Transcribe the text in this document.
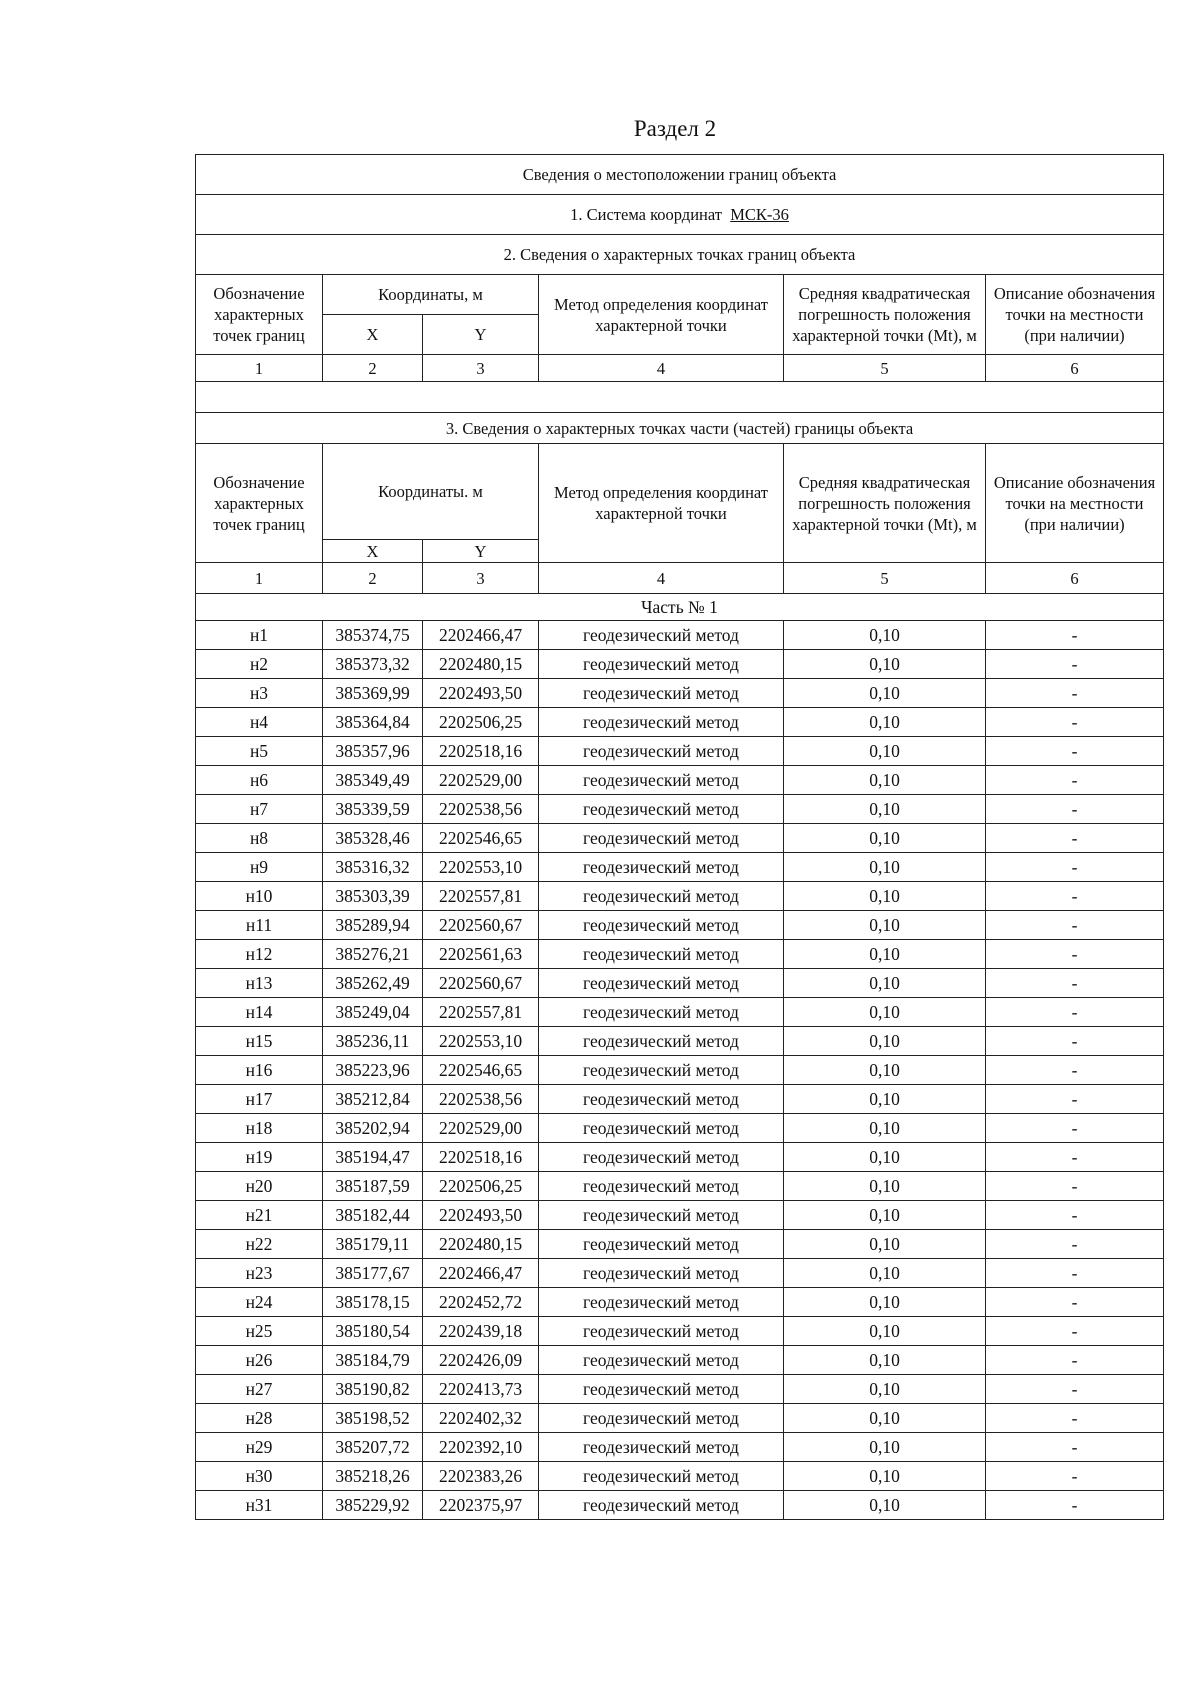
Раздел 2
Сведения о местоположении границ объекта					
1. Система координат МСК-36					
2. Сведения о характерных точках границ объекта					
Обозначение характерных точек границ	Координаты, м		Метод определения координат характерной точки	Средняя квадратическая погрешность положения характерной точки (Mt), м	Описание обозначения точки на местности (при наличии)
	X	Y			
1	2	3	4	5	6

3. Сведения о характерных точках части (частей) границы объекта					
Обозначение характерных точек границ	Координаты. м		Метод определения координат характерной точки	Средняя квадратическая погрешность положения характерной точки (Mt), м	Описание обозначения точки на местности (при наличии)
	X	Y			
1	2	3	4	5	6
Часть № 1					
н1	385374,75	2202466,47	геодезический метод	0,10	-
н2	385373,32	2202480,15	геодезический метод	0,10	-
н3	385369,99	2202493,50	геодезический метод	0,10	-
н4	385364,84	2202506,25	геодезический метод	0,10	-
н5	385357,96	2202518,16	геодезический метод	0,10	-
н6	385349,49	2202529,00	геодезический метод	0,10	-
н7	385339,59	2202538,56	геодезический метод	0,10	-
н8	385328,46	2202546,65	геодезический метод	0,10	-
н9	385316,32	2202553,10	геодезический метод	0,10	-
н10	385303,39	2202557,81	геодезический метод	0,10	-
н11	385289,94	2202560,67	геодезический метод	0,10	-
н12	385276,21	2202561,63	геодезический метод	0,10	-
н13	385262,49	2202560,67	геодезический метод	0,10	-
н14	385249,04	2202557,81	геодезический метод	0,10	-
н15	385236,11	2202553,10	геодезический метод	0,10	-
н16	385223,96	2202546,65	геодезический метод	0,10	-
н17	385212,84	2202538,56	геодезический метод	0,10	-
н18	385202,94	2202529,00	геодезический метод	0,10	-
н19	385194,47	2202518,16	геодезический метод	0,10	-
н20	385187,59	2202506,25	геодезический метод	0,10	-
н21	385182,44	2202493,50	геодезический метод	0,10	-
н22	385179,11	2202480,15	геодезический метод	0,10	-
н23	385177,67	2202466,47	геодезический метод	0,10	-
н24	385178,15	2202452,72	геодезический метод	0,10	-
н25	385180,54	2202439,18	геодезический метод	0,10	-
н26	385184,79	2202426,09	геодезический метод	0,10	-
н27	385190,82	2202413,73	геодезический метод	0,10	-
н28	385198,52	2202402,32	геодезический метод	0,10	-
н29	385207,72	2202392,10	геодезический метод	0,10	-
н30	385218,26	2202383,26	геодезический метод	0,10	-
н31	385229,92	2202375,97	геодезический метод	0,10	-
